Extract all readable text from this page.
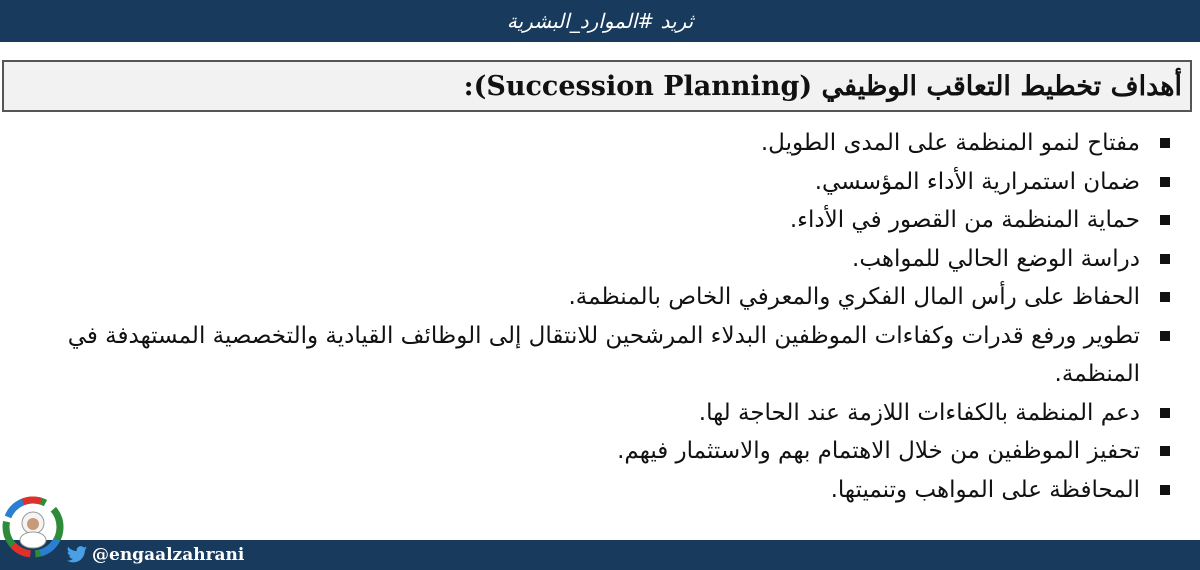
ثريد #الموارد_البشرية
أهداف تخطيط التعاقب الوظيفي (Succession Planning):
مفتاح لنمو المنظمة على المدى الطويل.
ضمان استمرارية الأداء المؤسسي.
حماية المنظمة من القصور في الأداء.
دراسة الوضع الحالي للمواهب.
الحفاظ على رأس المال الفكري والمعرفي الخاص بالمنظمة.
تطوير ورفع قدرات وكفاءات الموظفين البدلاء المرشحين للانتقال إلى الوظائف القيادية والتخصصية المستهدفة في المنظمة.
دعم المنظمة بالكفاءات اللازمة عند الحاجة لها.
تحفيز الموظفين من خلال الاهتمام بهم والاستثمار فيهم.
المحافظة على المواهب وتنميتها.
@engaalzahrani
